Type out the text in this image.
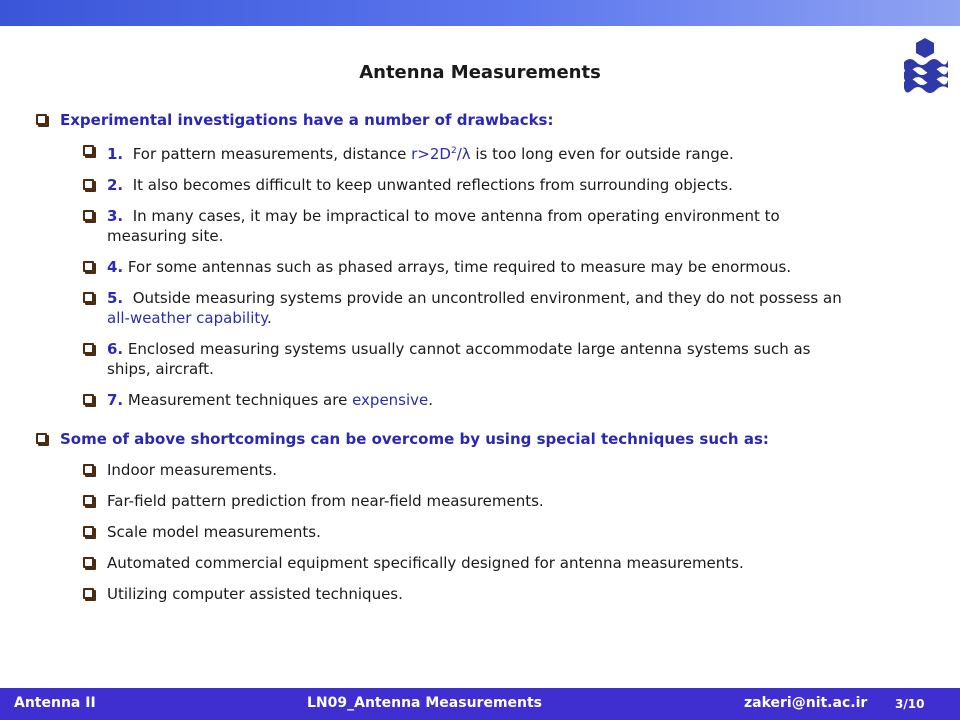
Antenna Measurements
Experimental investigations have a number of drawbacks:
1. For pattern measurements, distance $r>2D^2/\lambda$ is too long even for outside range.
2. It also becomes difficult to keep unwanted reflections from surrounding objects.
3. In many cases, it may be impractical to move antenna from operating environment to measuring site.
4. For some antennas such as phased arrays, time required to measure may be enormous.
5. Outside measuring systems provide an uncontrolled environment, and they do not possess an all-weather capability.
6. Enclosed measuring systems usually cannot accommodate large antenna systems such as ships, aircraft.
7. Measurement techniques are expensive.
Some of above shortcomings can be overcome by using special techniques such as:
Indoor measurements.
Far-field pattern prediction from near-field measurements.
Scale model measurements.
Automated commercial equipment specifically designed for antenna measurements.
Utilizing computer assisted techniques.
Antenna II	LN09_Antenna Measurements	zakeri@nit.ac.ir 3/10
